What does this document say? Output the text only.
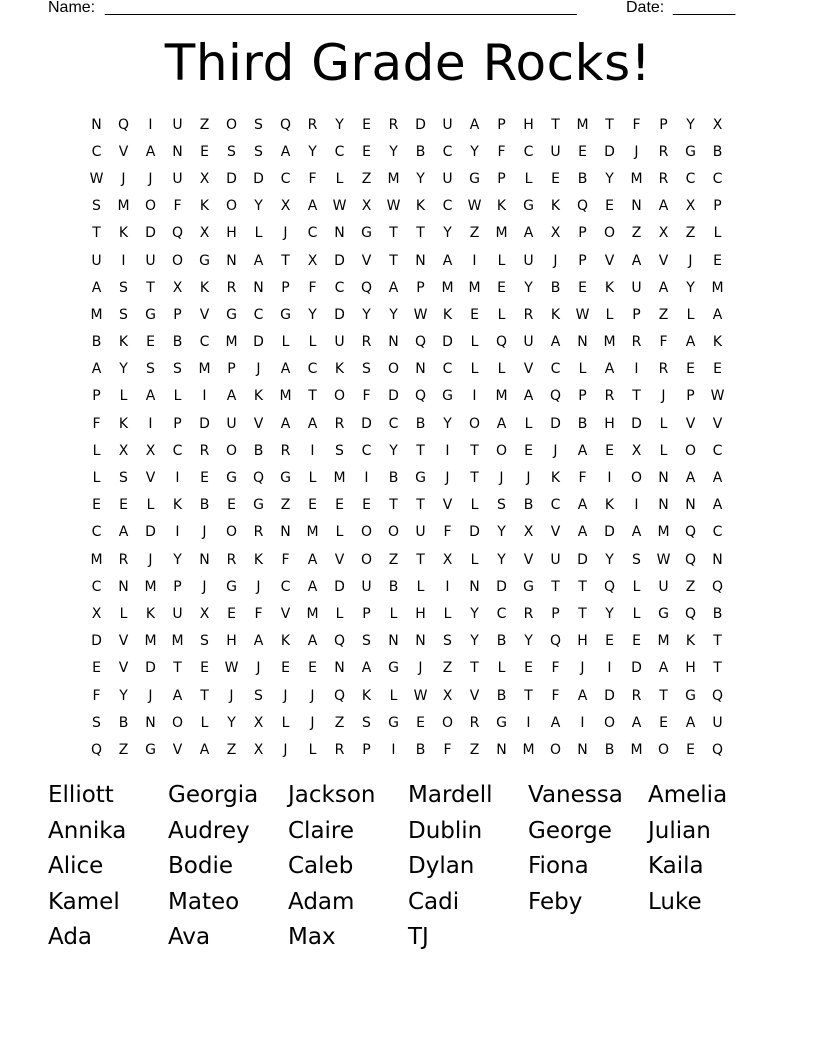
Name: _____________________________________________________	Date: _______
Third Grade Rocks!
N	Q	I	U	Z	O	S	Q	R	Y	E	R	D	U	A	P	H	T	M	T	F	P	Y	X
C	V	A	N	E	S	S	A	Y	C	E	Y	B	C	Y	F	C	U	E	D	J	R	G	B
W	J	J	U	X	D	D	C	F	L	Z	M	Y	U	G	P	L	E	B	Y	M	R	C	C
S	M	O	F	K	O	Y	X	A	W	X	W	K	C	W	K	G	K	Q	E	N	A	X	P
T	K	D	Q	X	H	L	J	C	N	G	T	T	Y	Z	M	A	X	P	O	Z	X	Z	L
U	I	U	O	G	N	A	T	X	D	V	T	N	A	I	L	U	J	P	V	A	V	J	E
A	S	T	X	K	R	N	P	F	C	Q	A	P	M	M	E	Y	B	E	K	U	A	Y	M
M	S	G	P	V	G	C	G	Y	D	Y	Y	W	K	E	L	R	K	W	L	P	Z	L	A
B	K	E	B	C	M	D	L	L	U	R	N	Q	D	L	Q	U	A	N	M	R	F	A	K
A	Y	S	S	M	P	J	A	C	K	S	O	N	C	L	L	V	C	L	A	I	R	E	E
P	L	A	L	I	A	K	M	T	O	F	D	Q	G	I	M	A	Q	P	R	T	J	P	W
F	K	I	P	D	U	V	A	A	R	D	C	B	Y	O	A	L	D	B	H	D	L	V	V
L	X	X	C	R	O	B	R	I	S	C	Y	T	I	T	O	E	J	A	E	X	L	O	C
L	S	V	I	E	G	Q	G	L	M	I	B	G	J	T	J	J	K	F	I	O	N	A	A
E	E	L	K	B	E	G	Z	E	E	E	T	T	V	L	S	B	C	A	K	I	N	N	A
C	A	D	I	J	O	R	N	M	L	O	O	U	F	D	Y	X	V	A	D	A	M	Q	C
M	R	J	Y	N	R	K	F	A	V	O	Z	T	X	L	Y	V	U	D	Y	S	W	Q	N
C	N	M	P	J	G	J	C	A	D	U	B	L	I	N	D	G	T	T	Q	L	U	Z	Q
X	L	K	U	X	E	F	V	M	L	P	L	H	L	Y	C	R	P	T	Y	L	G	Q	B
D	V	M	M	S	H	A	K	A	Q	S	N	N	S	Y	B	Y	Q	H	E	E	M	K	T
E	V	D	T	E	W	J	E	E	N	A	G	J	Z	T	L	E	F	J	I	D	A	H	T
F	Y	J	A	T	J	S	J	J	Q	K	L	W	X	V	B	T	F	A	D	R	T	G	Q
S	B	N	O	L	Y	X	L	J	Z	S	G	E	O	R	G	I	A	I	O	A	E	A	U
Q	Z	G	V	A	Z	X	J	L	R	P	I	B	F	Z	N	M	O	N	B	M	O	E	Q
Elliott	Georgia	Jackson	Mardell	Vanessa	Amelia
Annika	Audrey	Claire	Dublin	George	Julian
Alice	Bodie	Caleb	Dylan	Fiona	Kaila
Kamel	Mateo	Adam	Cadi	Feby	Luke
Ada	Ava	Max	TJ
